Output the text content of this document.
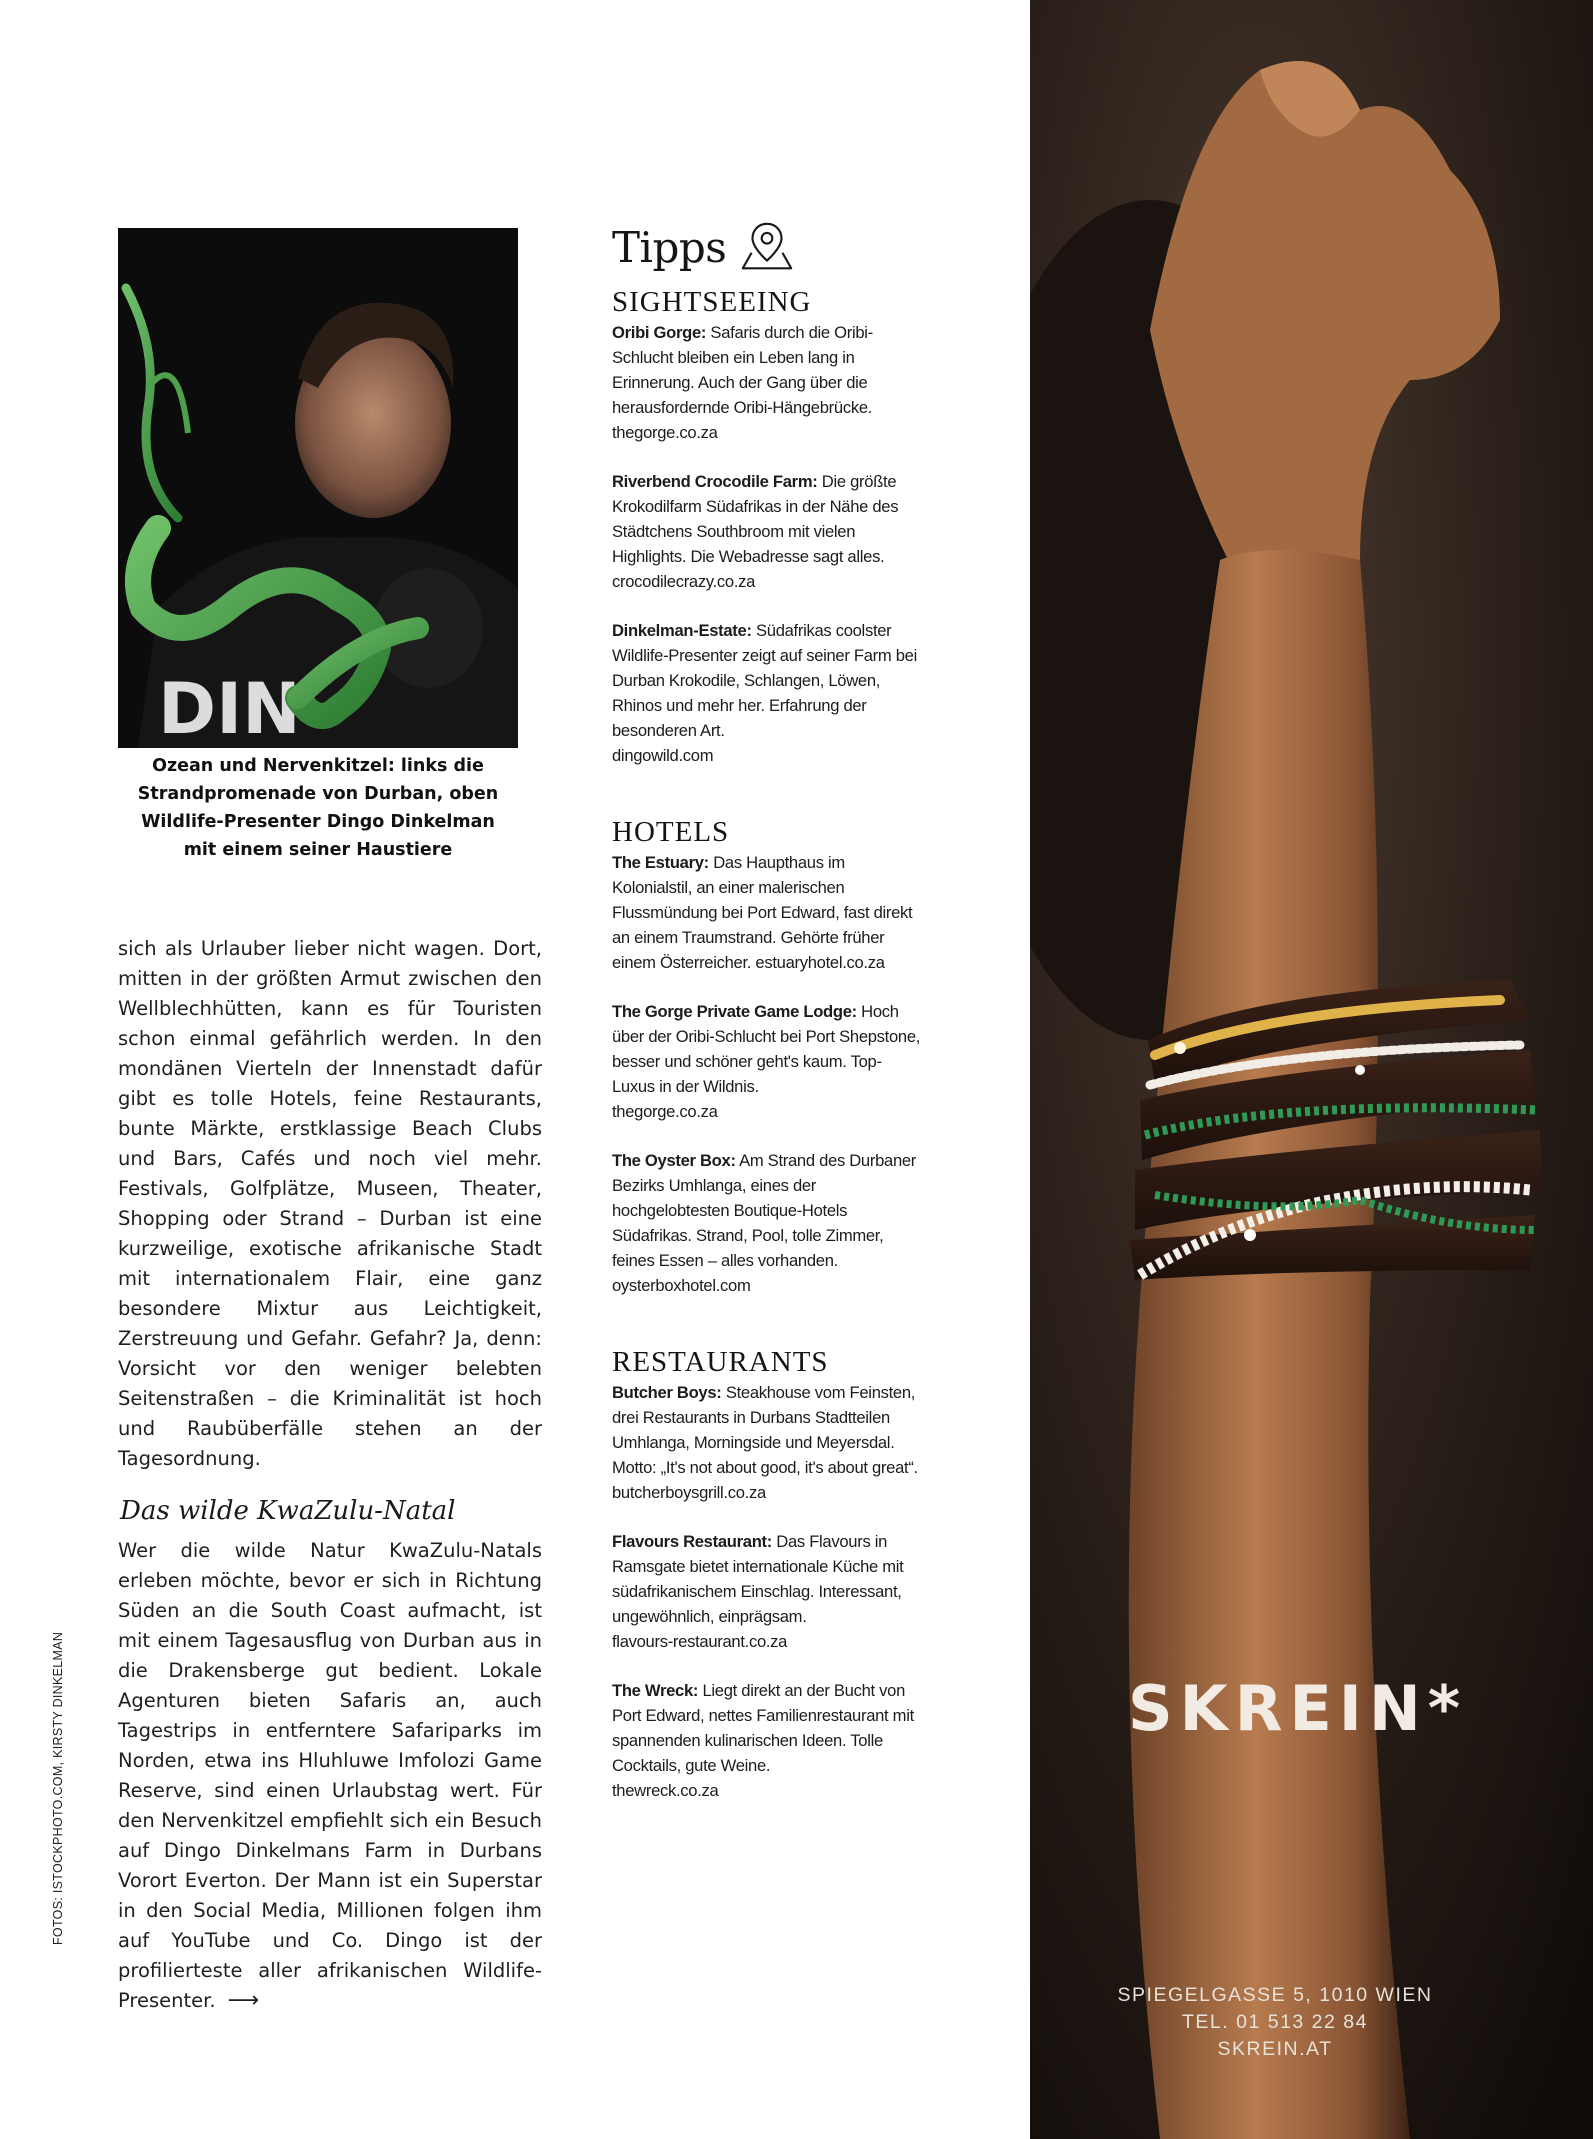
DIN
Ozean und Nervenkitzel: links die
Strandpromenade von Durban, oben
Wildlife-Presenter Dingo Dinkelman
mit einem seiner Haustiere

sich als Urlauber lieber nicht wagen. Dort, mitten in der größten Armut zwischen den Wellblechhütten, kann es für Touristen schon einmal gefährlich werden. In den mondänen Vierteln der Innenstadt dafür gibt es tolle Hotels, feine Restaurants, bunte Märkte, erstklassige Beach Clubs und Bars, Cafés und noch viel mehr. Festivals, Golfplätze, Museen, Theater, Shopping oder Strand – Durban ist eine kurzweilige, exotische afrikanische Stadt mit internationalem Flair, eine ganz besondere Mixtur aus Leichtigkeit, Zerstreuung und Gefahr. Gefahr? Ja, denn: Vorsicht vor den weniger belebten Seitenstraßen – die Kriminalität ist hoch und Raubüberfälle stehen an der Tagesordnung.

Das wilde KwaZulu-Natal

Wer die wilde Natur KwaZulu-Natals erleben möchte, bevor er sich in Richtung Süden an die South Coast aufmacht, ist mit einem Tagesausflug von Durban aus in die Drakensberge gut bedient. Lokale Agenturen bieten Safaris an, auch Tagestrips in entferntere Safariparks im Norden, etwa ins Hluhluwe Imfolozi Game Reserve, sind einen Urlaubstag wert. Für den Nervenkitzel empfiehlt sich ein Besuch auf Dingo Dinkelmans Farm in Durbans Vorort Everton. Der Mann ist ein Superstar in den Social Media, Millionen folgen ihm auf YouTube und Co. Dingo ist der profilierteste aller afrikanischen Wildlife-Presenter. ⟶

FOTOS: ISTOCKPHOTO.COM, KIRSTY DINKELMAN
Tipps
SIGHTSEEING
Oribi Gorge: Safaris durch die Oribi-Schlucht bleiben ein Leben lang in Erinnerung. Auch der Gang über die herausfordernde Oribi-Hängebrücke.
thegorge.co.za
Riverbend Crocodile Farm: Die größte Krokodilfarm Südafrikas in der Nähe des Städtchens Southbroom mit vielen Highlights. Die Webadresse sagt alles.
crocodilecrazy.co.za
Dinkelman-Estate: Südafrikas coolster Wildlife-Presenter zeigt auf seiner Farm bei Durban Krokodile, Schlangen, Löwen, Rhinos und mehr her. Erfahrung der besonderen Art.
dingowild.com
HOTELS
The Estuary: Das Haupthaus im Kolonialstil, an einer malerischen Flussmündung bei Port Edward, fast direkt an einem Traumstrand. Gehörte früher einem Österreicher. estuaryhotel.co.za
The Gorge Private Game Lodge: Hoch über der Oribi-Schlucht bei Port Shepstone, besser und schöner geht's kaum. Top-Luxus in der Wildnis.
thegorge.co.za
The Oyster Box: Am Strand des Durbaner Bezirks Umhlanga, eines der hochgelobtesten Boutique-Hotels Südafrikas. Strand, Pool, tolle Zimmer, feines Essen – alles vorhanden.
oysterboxhotel.com
RESTAURANTS
Butcher Boys: Steakhouse vom Feinsten, drei Restaurants in Durbans Stadtteilen Umhlanga, Morningside und Meyersdal. Motto: „It's not about good, it's about great“.
butcherboysgrill.co.za
Flavours Restaurant: Das Flavours in Ramsgate bietet internationale Küche mit südafrikanischem Einschlag. Interessant, ungewöhnlich, einprägsam.
flavours-restaurant.co.za
The Wreck: Liegt direkt an der Bucht von Port Edward, nettes Familienrestaurant mit spannenden kulinarischen Ideen. Tolle Cocktails, gute Weine.
thewreck.co.za
SKREIN*
SPIEGELGASSE 5, 1010 WIEN
TEL. 01 513 22 84
SKREIN.AT
